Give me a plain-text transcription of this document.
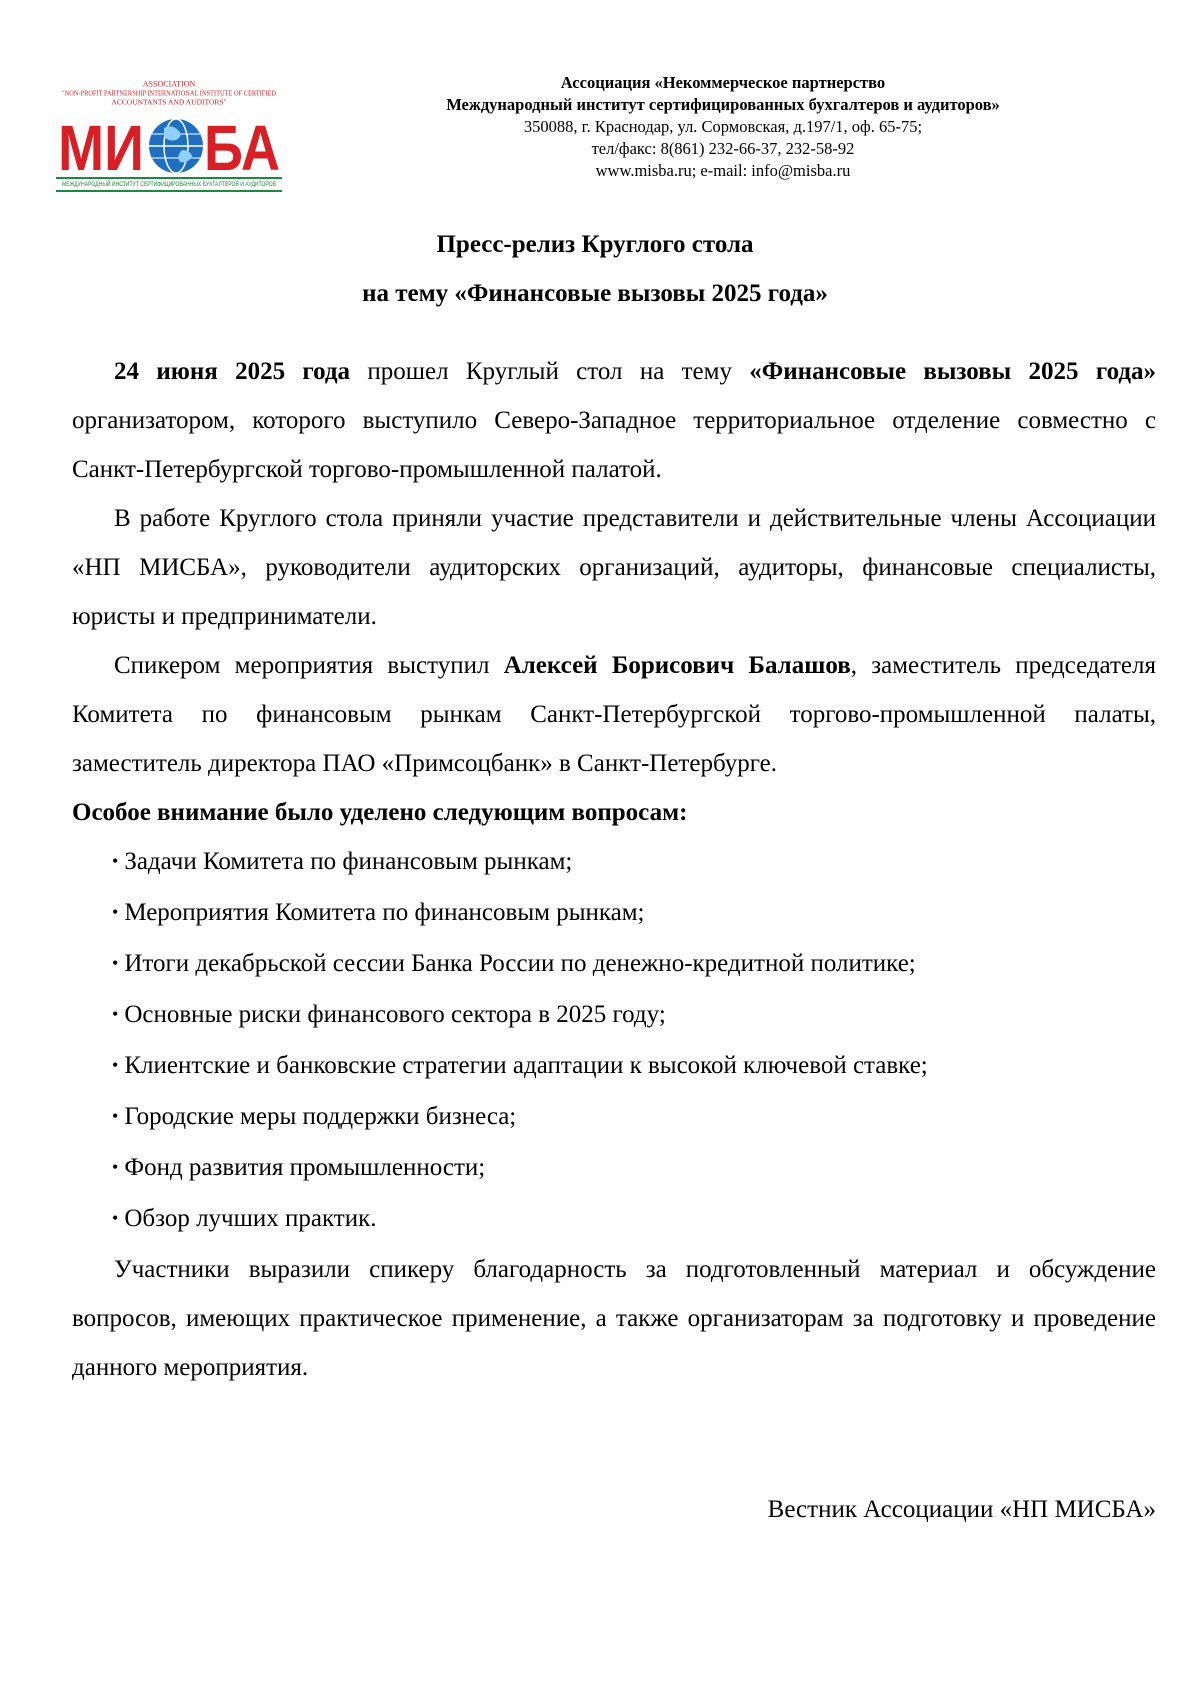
ASSOCIATION
"NON-PROFIT PARTNERSHIP INTERNATIONAL INSTITUTE OF CERTIFIED
ACCOUNTANTS AND AUDITORS"
МИ БА
МЕЖДУНАРОДНЫЙ ИНСТИТУТ СЕРТИФИЦИРОВАННЫХ БУХГАЛТЕРОВ И АУДИТОРОВ
Ассоциация «Некоммерческое партнерство
Международный институт сертифицированных бухгалтеров и аудиторов»
350088, г. Краснодар, ул. Сормовская, д.197/1, оф. 65-75;
тел/факс: 8(861) 232-66-37, 232-58-92
www.misba.ru; e-mail: info@misba.ru
Пресс-релиз Круглого стола
на тему «Финансовые вызовы 2025 года»

24 июня 2025 года прошел Круглый стол на тему «Финансовые вызовы 2025 года» организатором, которого выступило Северо-Западное территориальное отделение совместно с Санкт-Петербургской торгово-промышленной палатой.

В работе Круглого стола приняли участие представители и действительные члены Ассоциации «НП МИСБА», руководители аудиторских организаций, аудиторы, финансовые специалисты, юристы и предприниматели.

Спикером мероприятия выступил Алексей Борисович Балашов, заместитель председателя Комитета по финансовым рынкам Санкт-Петербургской торгово-промышленной палаты, заместитель директора ПАО «Примсоцбанк» в Санкт-Петербурге.

Особое внимание было уделено следующим вопросам:

• Задачи Комитета по финансовым рынкам;
• Мероприятия Комитета по финансовым рынкам;
• Итоги декабрьской сессии Банка России по денежно-кредитной политике;
• Основные риски финансового сектора в 2025 году;
• Клиентские и банковские стратегии адаптации к высокой ключевой ставке;
• Городские меры поддержки бизнеса;
• Фонд развития промышленности;
• Обзор лучших практик.

Участники выразили спикеру благодарность за подготовленный материал и обсуждение вопросов, имеющих практическое применение, а также организаторам за подготовку и проведение данного мероприятия.

Вестник Ассоциации «НП МИСБА»
